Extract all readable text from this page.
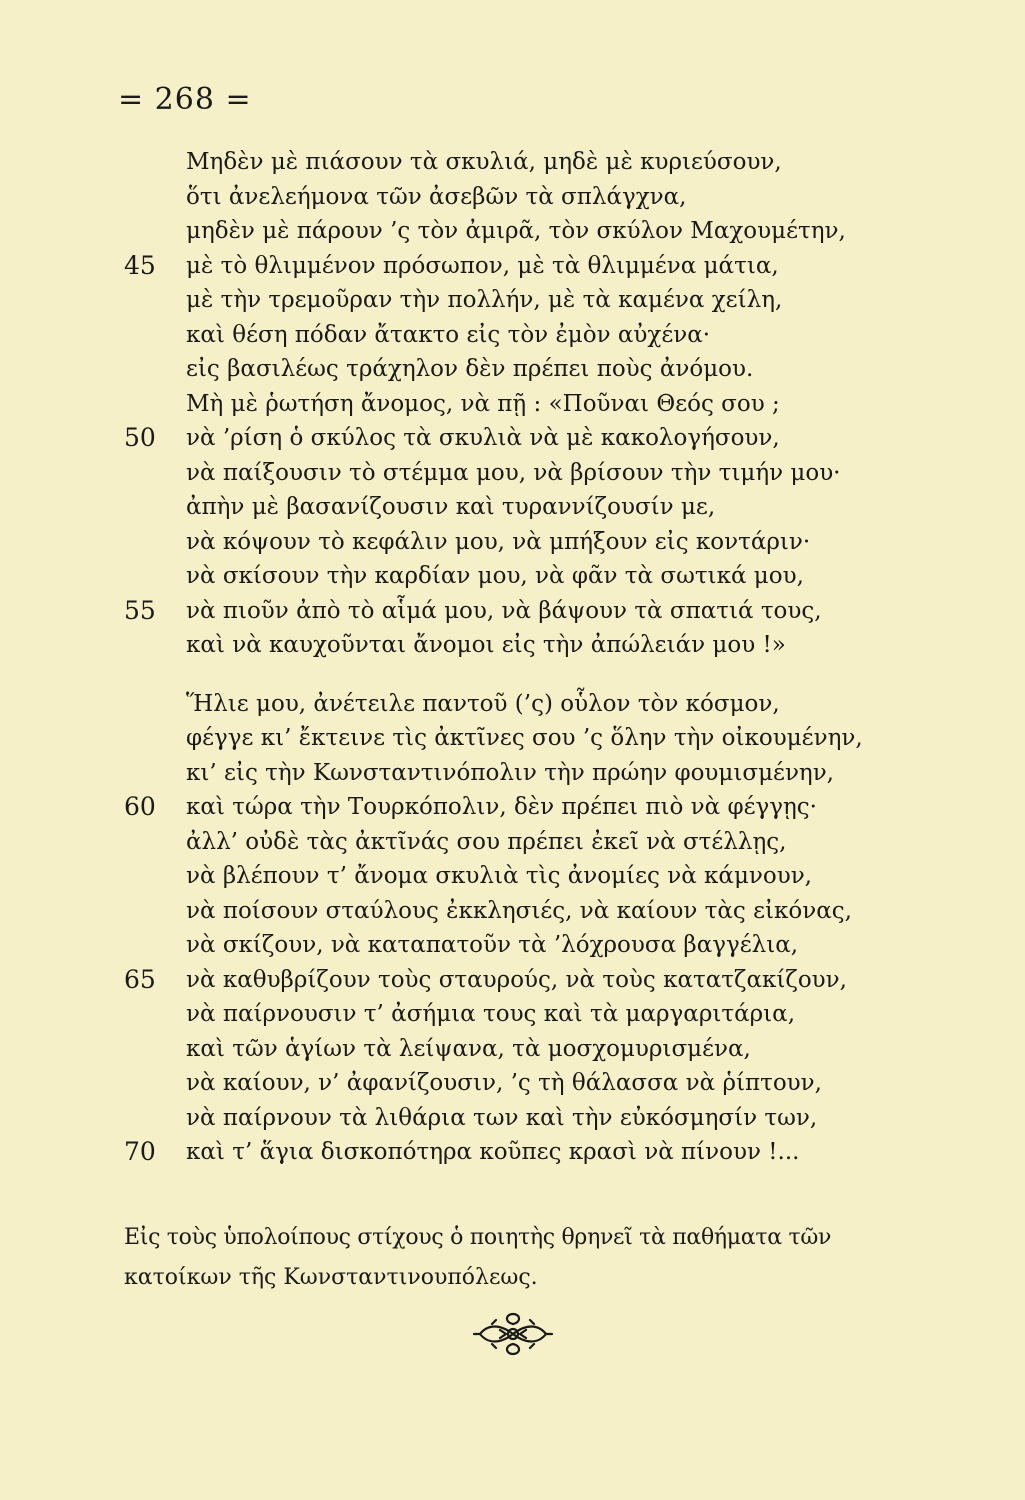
= 268 =
Μηδὲν μὲ πιάσουν τὰ σκυλιά, μηδὲ μὲ κυριεύσουν,
ὅτι ἀνελεήμονα τῶν ἀσεβῶν τὰ σπλάγχνα,
μηδὲν μὲ πάρουν ’ς τὸν ἀμιρᾶ, τὸν σκύλον Μαχουμέτην,
45	μὲ τὸ θλιμμένον πρόσωπον, μὲ τὰ θλιμμένα μάτια,
μὲ τὴν τρεμοῦραν τὴν πολλήν, μὲ τὰ καμένα χείλη,
καὶ θέση πόδαν ἄτακτο εἰς τὸν ἐμὸν αὐχένα·
εἰς βασιλέως τράχηλον δὲν πρέπει ποὺς ἀνόμου.
Μὴ μὲ ῥωτήση ἄνομος, νὰ πῇ : «Ποῦναι Θεός σου ;
50	νὰ ’ρίση ὁ σκύλος τὰ σκυλιὰ νὰ μὲ κακολογήσουν,
νὰ παίξουσιν τὸ στέμμα μου, νὰ βρίσουν τὴν τιμήν μου·
ἀπὴν μὲ βασανίζουσιν καὶ τυραννίζουσίν με,
νὰ κόψουν τὸ κεφάλιν μου, νὰ μπήξουν εἰς κοντάριν·
νὰ σκίσουν τὴν καρδίαν μου, νὰ φᾶν τὰ σωτικά μου,
55	νὰ πιοῦν ἀπὸ τὸ αἷμά μου, νὰ βάψουν τὰ σπατιά τους,
καὶ νὰ καυχοῦνται ἄνομοι εἰς τὴν ἀπώλειάν μου !»
Ἥλιε μου, ἀνέτειλε παντοῦ (’ς) οὗλον τὸν κόσμον,
φέγγε κι’ ἔκτεινε τὶς ἀκτῖνες σου ’ς ὅλην τὴν οἰκουμένην,
κι’ εἰς τὴν Κωνσταντινόπολιν τὴν πρώην φουμισμένην,
60	καὶ τώρα τὴν Τουρκόπολιν, δὲν πρέπει πιὸ νὰ φέγγῃς·
ἀλλ’ οὐδὲ τὰς ἀκτῖνάς σου πρέπει ἐκεῖ νὰ στέλλῃς,
νὰ βλέπουν τ’ ἄνομα σκυλιὰ τὶς ἀνομίες νὰ κάμνουν,
νὰ ποίσουν σταύλους ἐκκλησιές, νὰ καίουν τὰς εἰκόνας,
νὰ σκίζουν, νὰ καταπατοῦν τὰ ’λόχρουσα βαγγέλια,
65	νὰ καθυβρίζουν τοὺς σταυρούς, νὰ τοὺς κατατζακίζουν,
νὰ παίρνουσιν τ’ ἀσήμια τους καὶ τὰ μαργαριτάρια,
καὶ τῶν ἁγίων τὰ λείψανα, τὰ μοσχομυρισμένα,
νὰ καίουν, ν’ ἀφανίζουσιν, ’ς τὴ θάλασσα νὰ ῥίπτουν,
νὰ παίρνουν τὰ λιθάρια των καὶ τὴν εὐκόσμησίν των,
70	καὶ τ’ ἅγια δισκοπότηρα κοῦπες κρασὶ νὰ πίνουν !...
Εἰς τοὺς ὑπολοίπους στίχους ὁ ποιητὴς θρηνεῖ τὰ παθήματα τῶν
κατοίκων τῆς Κωνσταντινουπόλεως.
